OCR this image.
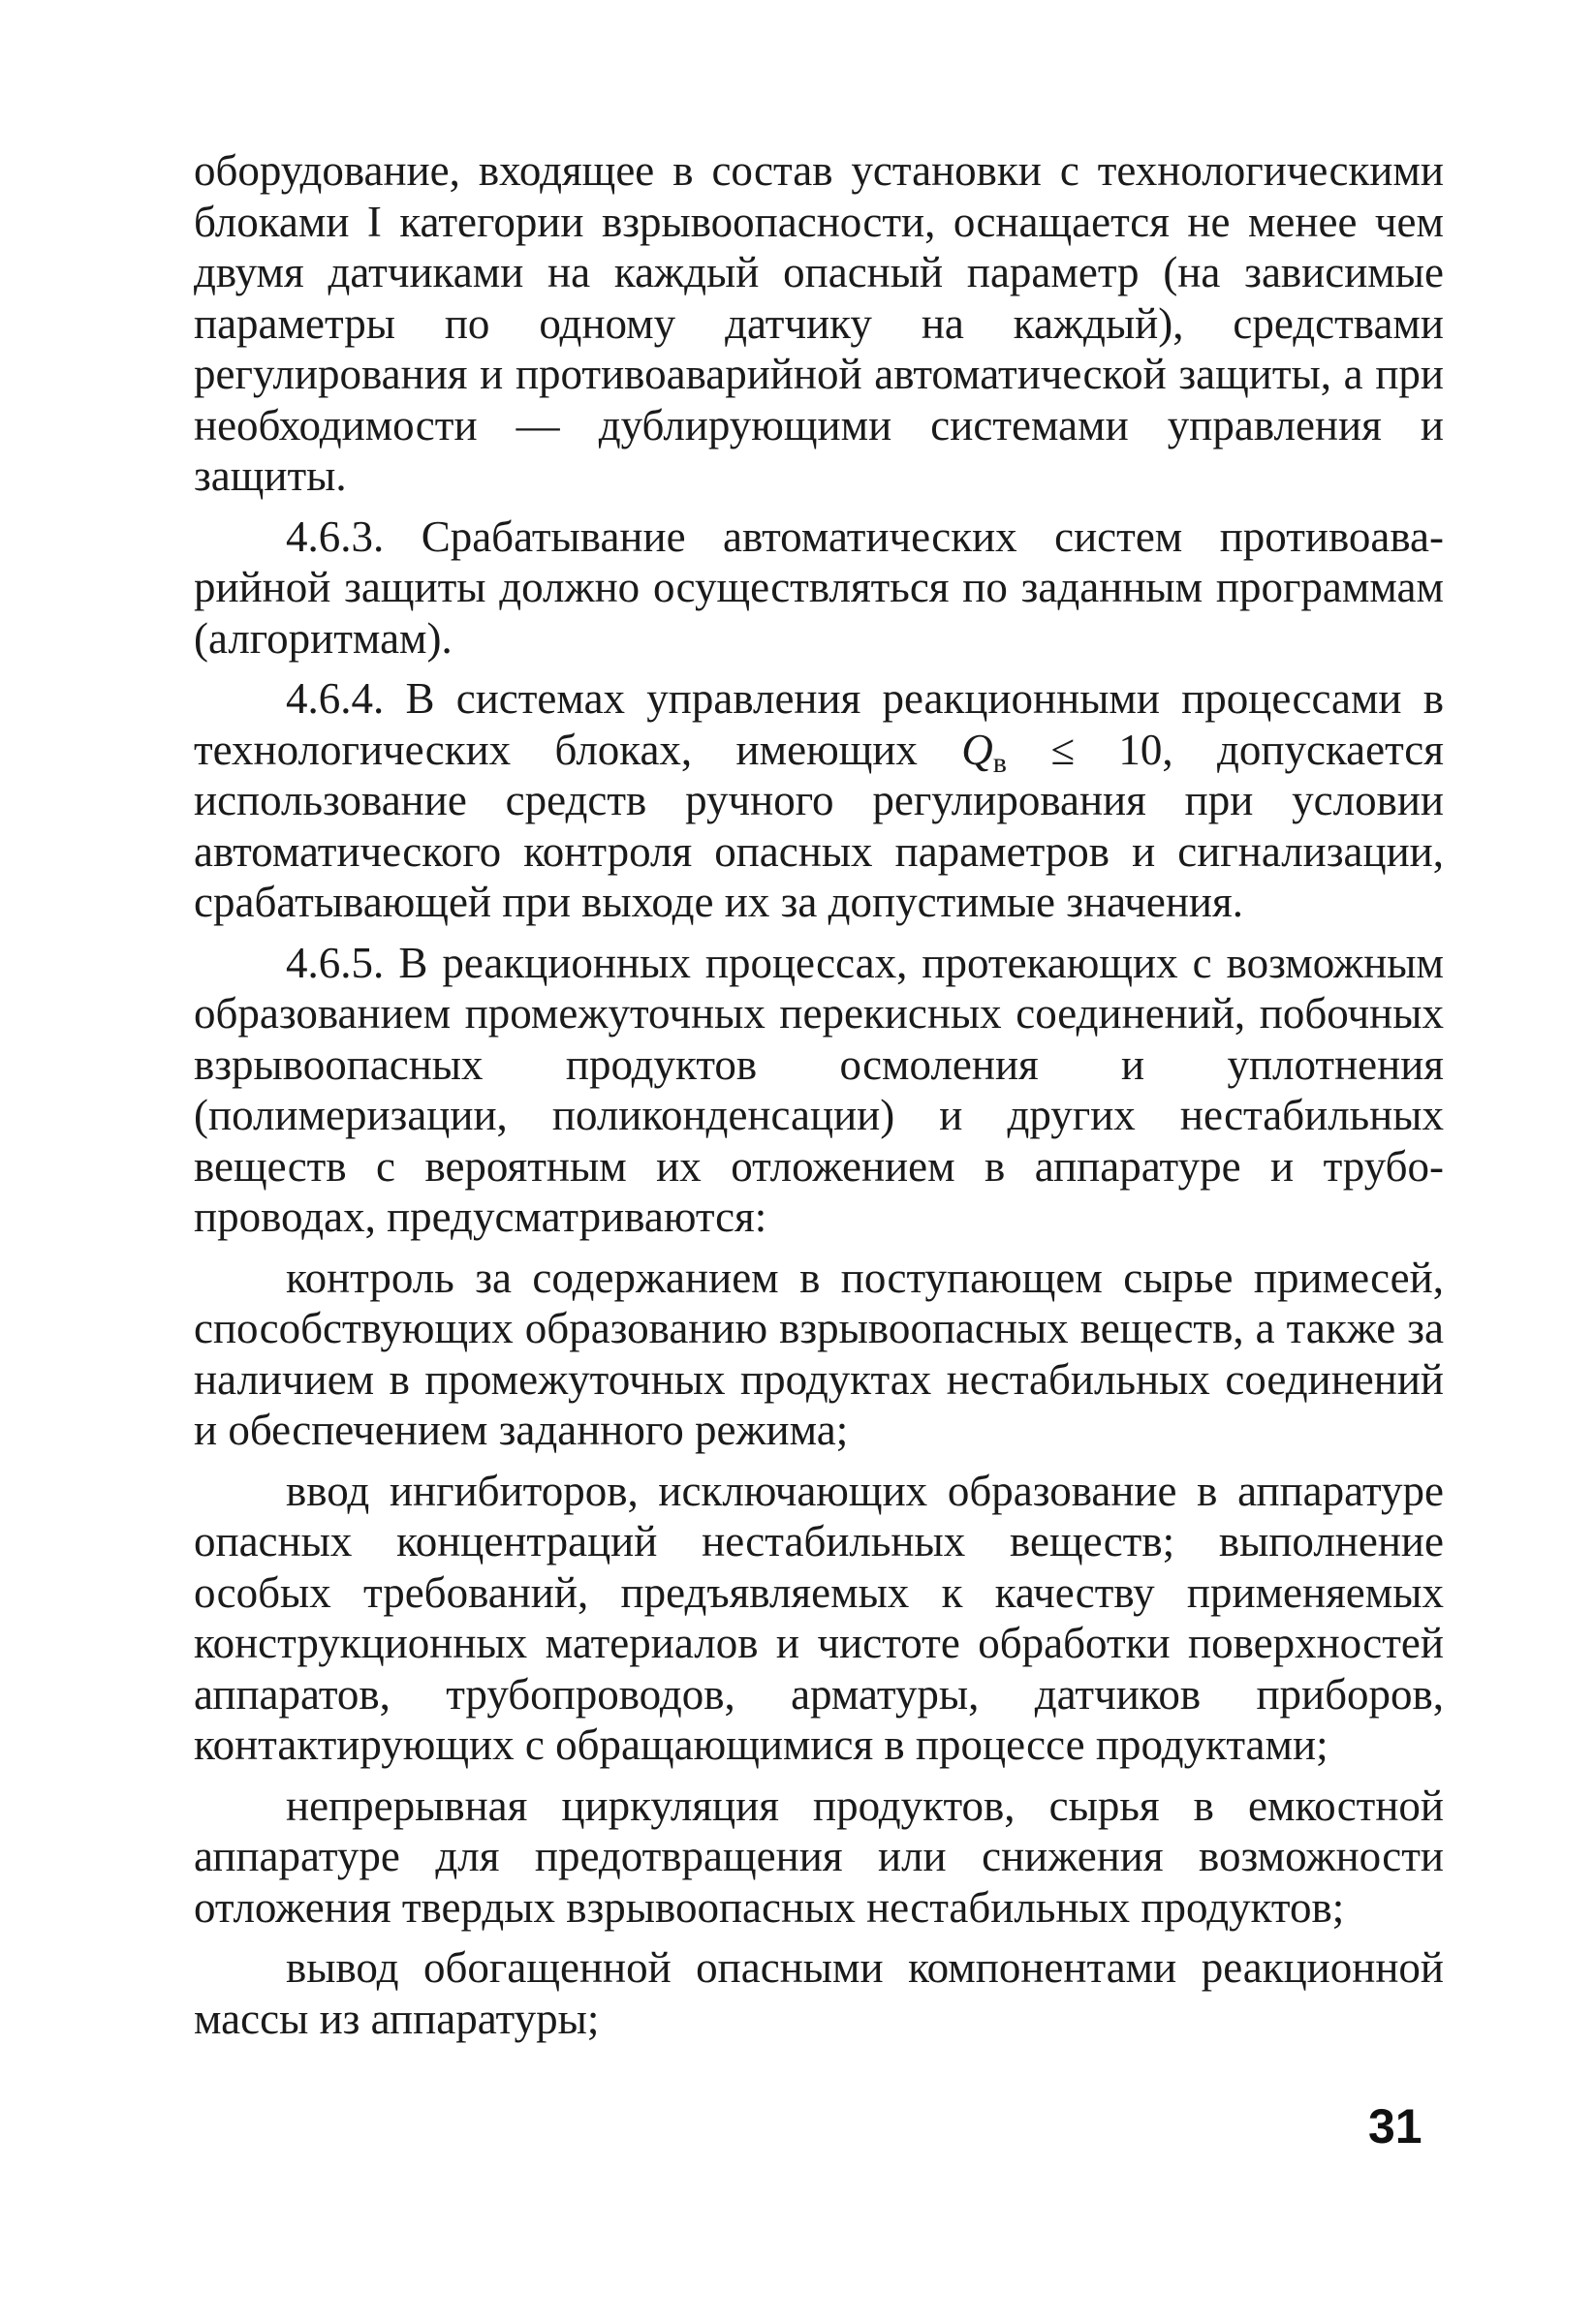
оборудование, входящее в состав установки с технологическими блоками I категории взрывоопасности, оснащается не менее чем двумя датчиками на каждый опасный параметр (на зависимые параметры по одному датчику на каждый), средствами регулирования и противоаварийной автоматической защиты, а при необходимости — дублирующими системами управления и защиты.

4.6.3. Срабатывание автоматических систем противоаварийной защиты должно осуществляться по заданным программам (алгоритмам).

4.6.4. В системах управления реакционными процессами в технологических блоках, имеющих $Q_в \le 10$, допускается использование средств ручного регулирования при условии автоматического контроля опасных параметров и сигнализации, срабатывающей при выходе их за допустимые значения.

4.6.5. В реакционных процессах, протекающих с возможным образованием промежуточных перекисных соединений, побочных взрывоопасных продуктов осмоления и уплотнения (полимеризации, поликонденсации) и других нестабильных веществ с вероятным их отложением в аппаратуре и трубопроводах, предусматриваются:

контроль за содержанием в поступающем сырье примесей, способствующих образованию взрывоопасных веществ, а также за наличием в промежуточных продуктах нестабильных соединений и обеспечением заданного режима;

ввод ингибиторов, исключающих образование в аппаратуре опасных концентраций нестабильных веществ; выполнение особых требований, предъявляемых к качеству применяемых конструкционных материалов и чистоте обработки поверхностей аппаратов, трубопроводов, арматуры, датчиков приборов, контактирующих с обращающимися в процессе продуктами;

непрерывная циркуляция продуктов, сырья в емкостной аппаратуре для предотвращения или снижения возможности отложения твердых взрывоопасных нестабильных продуктов;

вывод обогащенной опасными компонентами реакционной массы из аппаратуры;

31
